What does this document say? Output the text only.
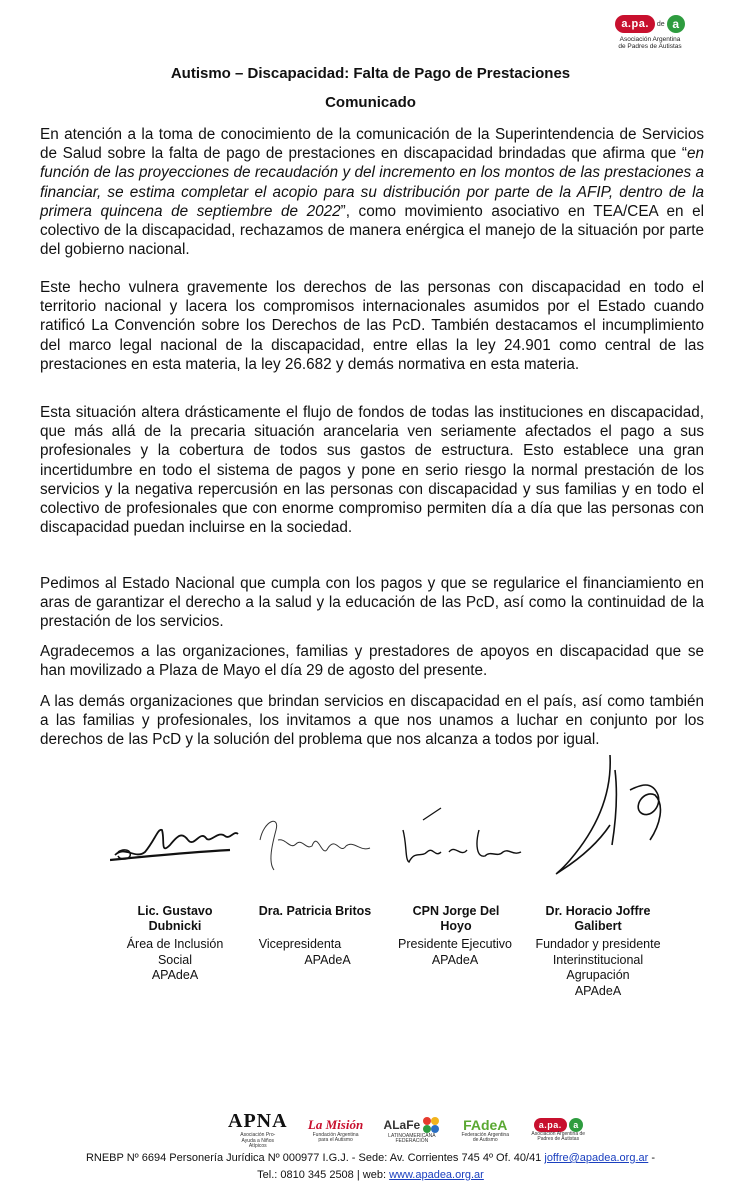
a.pa.	de a
Asociación Argentina
de Padres de Autistas
Autismo – Discapacidad: Falta de Pago de Prestaciones
Comunicado

En atención a la toma de conocimiento de la comunicación de la Superintendencia de Servicios de Salud sobre la falta de pago de prestaciones en discapacidad brindadas que afirma que “en función de las proyecciones de recaudación y del incremento en los montos de las prestaciones a financiar, se estima completar el acopio para su distribución por parte de la AFIP, dentro de la primera quincena de septiembre de 2022”, como movimiento asociativo en TEA/CEA en el colectivo de la discapacidad, rechazamos de manera enérgica el manejo de la situación por parte del gobierno nacional.

Este hecho vulnera gravemente los derechos de las personas con discapacidad en todo el territorio nacional y lacera los compromisos internacionales asumidos por el Estado cuando ratificó La Convención sobre los Derechos de las PcD. También destacamos el incumplimiento del marco legal nacional de la discapacidad, entre ellas la ley 24.901 como central de las prestaciones en esta materia, la ley 26.682 y demás normativa en esta materia.

Esta situación altera drásticamente el flujo de fondos de todas las instituciones en discapacidad, que más allá de la precaria situación arancelaria ven seriamente afectados el pago a sus profesionales y la cobertura de todos sus gastos de estructura. Esto establece una gran incertidumbre en todo el sistema de pagos y pone en serio riesgo la normal prestación de los servicios y la negativa repercusión en las personas con discapacidad y sus familias y en todo el colectivo de profesionales que con enorme compromiso permiten día a día que las personas con discapacidad puedan incluirse en la sociedad.

Pedimos al Estado Nacional que cumpla con los pagos y que se regularice el financiamiento en aras de garantizar el derecho a la salud y la educación de las PcD, así como la continuidad de la prestación de los servicios.

Agradecemos a las organizaciones, familias y prestadores de apoyos en discapacidad que se han movilizado a Plaza de Mayo el día 29 de agosto del presente.

A las demás organizaciones que brindan servicios en discapacidad en el país, así como también a las familias y profesionales, los invitamos a que nos unamos a luchar en conjunto por los derechos de las PcD y la solución del problema que nos alcanza a todos por igual.

Lic. Gustavo Dubnicki
Área de Inclusión
Social
APAdeA
Dra. Patricia Britos
Vicepresidenta
APAdeA
CPN Jorge Del Hoyo
Presidente Ejecutivo
APAdeA
Dr. Horacio Joffre Galibert
Fundador y presidente
Interinstitucional
Agrupación
APAdeA
APNA
Asociación Pro-Ayuda a Niños Atípicos
La Misión
Fundación Argentina para el Autismo
ALaFe
LATINOAMERICANA FEDERACIÓN
FAdeA
Federación Argentina de Autismo
a.pa.	a
Asociación Argentina de Padres de Autistas
RNEBP Nº 6694 Personería Jurídica Nº 000977 I.G.J. - Sede: Av. Corrientes 745 4º Of. 40/41 joffre@apadea.org.ar -
Tel.: 0810 345 2508 | web: www.apadea.org.ar
